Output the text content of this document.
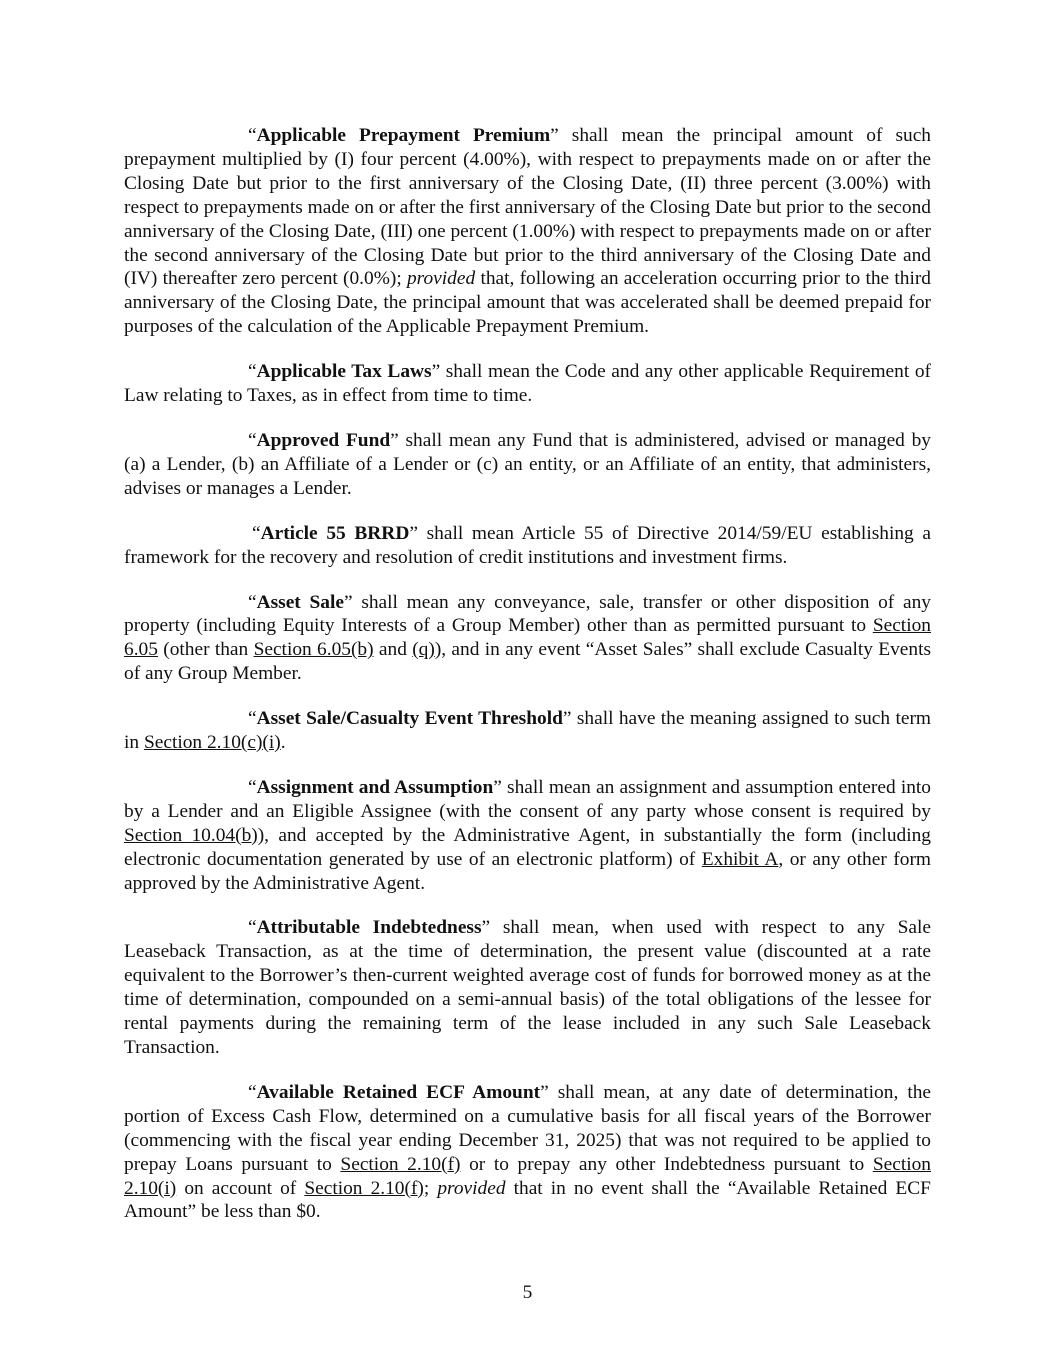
“Applicable Prepayment Premium” shall mean the principal amount of such prepayment multiplied by (I) four percent (4.00%), with respect to prepayments made on or after the Closing Date but prior to the first anniversary of the Closing Date, (II) three percent (3.00%) with respect to prepayments made on or after the first anniversary of the Closing Date but prior to the second anniversary of the Closing Date, (III) one percent (1.00%) with respect to prepayments made on or after the second anniversary of the Closing Date but prior to the third anniversary of the Closing Date and (IV) thereafter zero percent (0.0%); provided that, following an acceleration occurring prior to the third anniversary of the Closing Date, the principal amount that was accelerated shall be deemed prepaid for purposes of the calculation of the Applicable Prepayment Premium.

“Applicable Tax Laws” shall mean the Code and any other applicable Requirement of Law relating to Taxes, as in effect from time to time.

“Approved Fund” shall mean any Fund that is administered, advised or managed by (a) a Lender, (b) an Affiliate of a Lender or (c) an entity, or an Affiliate of an entity, that administers, advises or manages a Lender.

“Article 55 BRRD” shall mean Article 55 of Directive 2014/59/EU establishing a framework for the recovery and resolution of credit institutions and investment firms.

“Asset Sale” shall mean any conveyance, sale, transfer or other disposition of any property (including Equity Interests of a Group Member) other than as permitted pursuant to Section 6.05 (other than Section 6.05(b) and (q)), and in any event “Asset Sales” shall exclude Casualty Events of any Group Member.

“Asset Sale/Casualty Event Threshold” shall have the meaning assigned to such term in Section 2.10(c)(i).

“Assignment and Assumption” shall mean an assignment and assumption entered into by a Lender and an Eligible Assignee (with the consent of any party whose consent is required by Section 10.04(b)), and accepted by the Administrative Agent, in substantially the form (including electronic documentation generated by use of an electronic platform) of Exhibit A, or any other form approved by the Administrative Agent.

“Attributable Indebtedness” shall mean, when used with respect to any Sale Leaseback Transaction, as at the time of determination, the present value (discounted at a rate equivalent to the Borrower’s then-current weighted average cost of funds for borrowed money as at the time of determination, compounded on a semi-annual basis) of the total obligations of the lessee for rental payments during the remaining term of the lease included in any such Sale Leaseback Transaction.

“Available Retained ECF Amount” shall mean, at any date of determination, the portion of Excess Cash Flow, determined on a cumulative basis for all fiscal years of the Borrower (commencing with the fiscal year ending December 31, 2025) that was not required to be applied to prepay Loans pursuant to Section 2.10(f) or to prepay any other Indebtedness pursuant to Section 2.10(i) on account of Section 2.10(f); provided that in no event shall the “Available Retained ECF Amount” be less than $0.

5
